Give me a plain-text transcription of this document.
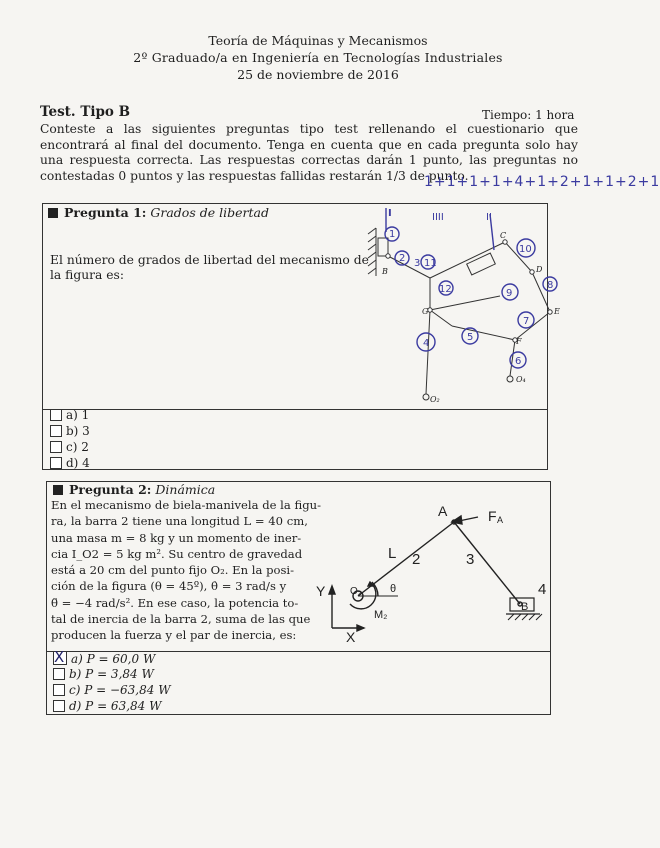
Teoría de Máquinas y Mecanismos
2º Graduado/a en Ingeniería en Tecnologías Industriales
25 de noviembre de 2016
Test. Tipo B	Tiempo: 1 hora
Conteste a las siguientes preguntas tipo test rellenando el cuestionario que encontrará al final del documento. Tenga en cuenta que en cada pregunta solo hay una respuesta correcta. Las respuestas correctas darán 1 punto, las preguntas no contestadas 0 puntos y las respuestas fallidas restarán 1/3 de punto.
1+1+1+1+4+1+2+1+1+2+1
Pregunta 1: Grados de libertad
El número de grados de libertad del mecanismo de
la figura es:
a) 1
b) 3
c) 2
d) 4
I
1
2 3 11
12
10
9
8
7
5
4
6
II
IIII
B
C
D
E
F
G
O₂
O₄
Pregunta 2: Dinámica
En el mecanismo de biela-manivela de la figu-
ra, la barra 2 tiene una longitud L = 40 cm,
una masa m = 8 kg y un momento de iner-
cia I_O2 = 5 kg m². Su centro de gravedad
está a 20 cm del punto fijo O₂. En la posi-
ción de la figura (θ = 45º), θ̇ = 3 rad/s y
θ̈ = −4 rad/s². En ese caso, la potencia to-
tal de inercia de la barra 2, suma de las que
producen la fuerza y el par de inercia, es:
X a) P = 60,0 W
b) P = 3,84 W
c) P = −63,84 W
d) P = 63,84 W
A	F A
L 2	3
4
B
Y
X
O₂	θ
M₂
